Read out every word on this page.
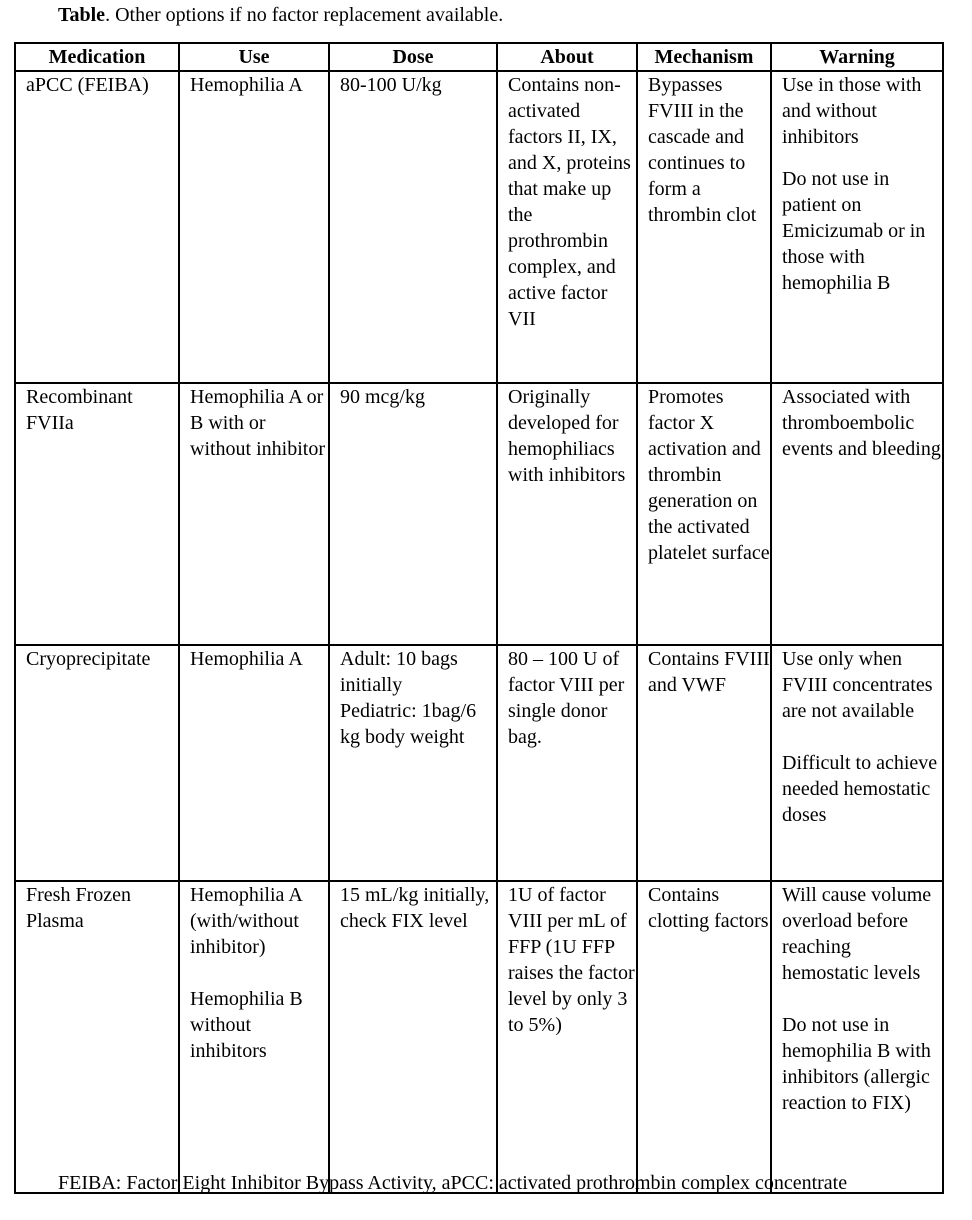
Table. Other options if no factor replacement available.
Medication	Use	Dose	About	Mechanism	Warning
aPCC (FEIBA)	Hemophilia A	80-100 U/kg	Contains non-activated factors II, IX, and X, proteins that make up the prothrombin complex, and active factor VII	Bypasses FVIII in the cascade and continues to form a thrombin clot	Use in those with and without inhibitors
Do not use in patient on Emicizumab or in those with hemophilia B

Recombinant FVIIa	Hemophilia A or B with or without inhibitor	90 mcg/kg	Originally developed for hemophiliacs with inhibitors	Promotes factor X activation and thrombin generation on the activated platelet surface	Associated with thromboembolic events and bleeding

Cryoprecipitate	Hemophilia A	Adult: 10 bags initially
Pediatric: 1bag/6 kg body weight	80 – 100 U of factor VIII per single donor bag.	Contains FVIII and VWF	Use only when FVIII concentrates are not available
Difficult to achieve needed hemostatic doses

Fresh Frozen Plasma	Hemophilia A (with/without inhibitor)
Hemophilia B without inhibitors	15 mL/kg initially, check FIX level	1U of factor VIII per mL of FFP (1U FFP raises the factor level by only 3 to 5%)	Contains clotting factors	Will cause volume overload before reaching hemostatic levels
Do not use in hemophilia B with inhibitors (allergic reaction to FIX)
FEIBA: Factor Eight Inhibitor Bypass Activity, aPCC: activated prothrombin complex concentrate
